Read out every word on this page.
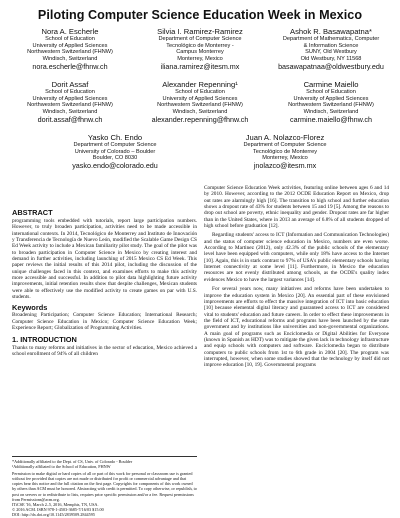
Piloting Computer Science Education Week in Mexico
Nora A. Escherle
School of Education
University of Applied Sciences
Northwestern Switzerland (FHNW)
Windisch, Switzerland
nora.escherle@fhnw.ch
Silvia I. Ramirez-Ramirez
Department of Computer Science
Tecnológico de Monterrey -
Campus Monterrey
Monterrey, Mexico
iliana.ramirez@itesm.mx
Ashok R. Basawapatna*
Department of Mathematics, Computer
& Information Science
SUNY, Old Westbury
Old Westbury, NY 11568
basawapatnaa@oldwestbury.edu
Dorit Assaf
School of Education
University of Applied Sciences
Northwestern Switzerland (FHNW)
Windisch, Switzerland
dorit.assaf@fhnw.ch
Alexander Repenning¹
School of Education
University of Applied Sciences
Northwestern Switzerland (FHNW)
Windisch, Switzerland
alexander.repenning@fhnw.ch
Carmine Maiello
School of Education
University of Applied Sciences
Northwestern Switzerland (FHNW)
Windisch, Switzerland
carmine.maiello@fhnw.ch
Yasko Ch. Endo
Department of Computer Science
University of Colorado – Boulder
Boulder, CO 8030
yasko.endo@colorado.edu
Juan A. Nolazco-Florez
Department of Computer Science
Tecnológico de Monterrey
Monterrey, Mexico
jnolazco@itesm.mx
ABSTRACT

programming tools embedded with tutorials, report large participation numbers. However, to truly broaden participation, activities need to be made accessible in international contexts. In 2014, Tecnológico de Monterrey and Instituto de Innovación y Transferencia de Tecnología de Nuevo León, modified the Scalable Game Design CS Ed Week activity to include a Mexican familiarity pilot study. The goal of the pilot was to broaden participation in Computer Science in Mexico by creating interest and demand in further activities, including launching of 2015 Mexico CS Ed Week. This paper reviews the initial results of this 2014 pilot, including the discussion of the unique challenges faced in this context, and examines efforts to make this activity more accessible and successful. In addition to pilot data highlighting future activity improvements, initial retention results show that despite challenges, Mexican students were able to effectively use the modified activity to create games on par with U.S. students.

Keywords

Broadening Participation; Computer Science Education; International Research; Computer Science Education in Mexico; Computer Science Education Week; Experience Report; Globalization of Programming Activities.

1. INTRODUCTION

Thanks to many reforms and initiatives in the sector of education, Mexico achieved a school enrollment of 94% of all children

*Additionally affiliated to the Dept. of CS, Univ. of Colorado - Boulder
¹Additionally affiliated to the School of Education, FHNW
Permission to make digital or hard copies of all or part of this work for personal or classroom use is granted without fee provided that copies are not made or distributed for profit or commercial advantage and that copies bear this notice and the full citation on the first page. Copyrights for components of this work owned by others than ACM must be honored. Abstracting with credit is permitted. To copy otherwise, or republish, to post on servers or to redistribute to lists, requires prior specific permission and/or a fee. Request permissions from Permissions@acm.org.
ITiCSE '16, March 2–5, 2016, Memphis, TN, USA.
© 2016 ACM. ISBN 978-1-4503-3685-7/16/03 $15.00
DOI: http://dx.doi.org/10.1145/2839509.2844595

Computer Science Education Week activities, featuring online between ages 6 and 14 by 2010. However, according to the 2012 OCDE Education Report on Mexico, drop out rates are alarmingly high [16]. The transition to high school and further education shows a dropout rate of 43% for students between 15 and 19 [5]. Among the reasons to drop out school are poverty, ethnic inequality and gender. Dropout rates are far higher than in the United States, where in 2013 an average of 6.8% of all students dropped of high school before graduation [12].

Regarding students' access to ICT (Information and Communication Technologies) and the status of computer science education in Mexico, numbers are even worse. According to Martinez (2012), only 42.3% of the public schools of the elementary level have been equipped with computers, while only 18% have access to the Internet [10]. Again, this is in stark contrast to 97% of USA's public elementary schools having Internet connectivity at some level [11]. Furthermore, in Mexico the education resources are not evenly distributed among schools, as the OCDE's quality index evidences Mexico to have the largest variances [14].

For several years now, many initiatives and reforms have been undertaken to improve the education system in Mexico [20]. An essential part of these envisioned improvements are efforts to effect the massive integration of ICT into basic education [10] because elemental digital literacy and guaranteed access to ICT are considered vital to students' education and future careers. In order to effect these improvements in the field of ICT, educational reforms and programs have been launched by the state government and by institutions like universities and non-governmental organizations. A main goal of programs such as Enciclomedia or Digital Abilities for Everyone (known in Spanish as HDT) was to mitigate the given lack in technology infrastructure and equip schools with computers and software. Enciclomedia began to distribute computers to public schools from 1st to 6th grade in 2004 [20]. The program was interrupted, however, when some studies showed that the technology by itself did not improve education [10, 19]. Governmental programs
